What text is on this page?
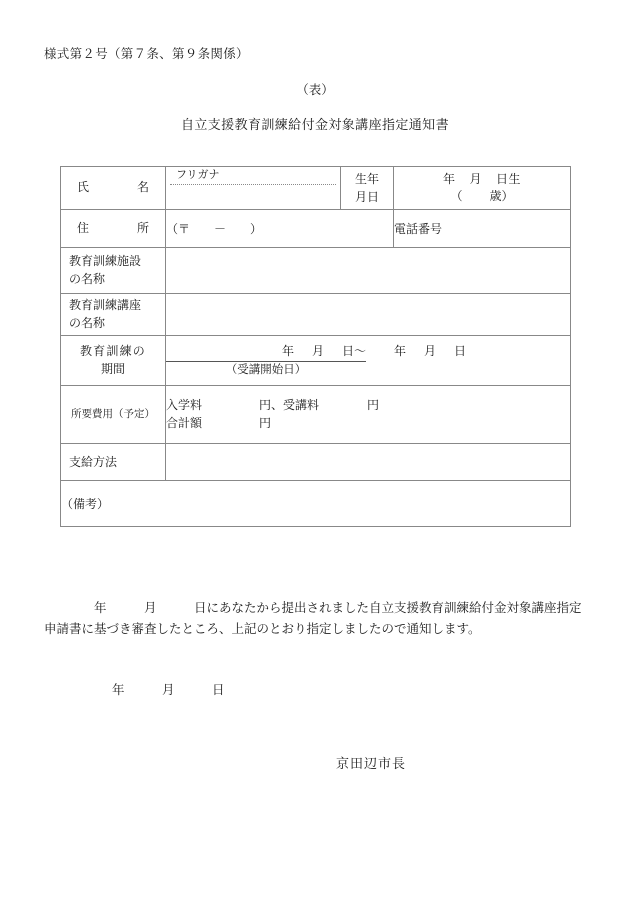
様式第２号（第７条、第９条関係）
（表）
自立支援教育訓練給付金対象講座指定通知書
氏名	フリガナ	生年
月日	年    月    日生
（         歳）

住所	（〒        －        ）		電話番号

教育訓練施設
の名称			

教育訓練講座
の名称			

教育訓練の
期間	年      月      日～ 年      月      日
（受講開始日）		

所要費用（予定）	入学料                   円、受講料                円
合計額                   円		

支給方法			

（備考）			
　　　　年　　　月　　　日にあなたから提出されました自立支援教育訓練給付金対象講座指定
申請書に基づき審査したところ、上記のとおり指定しましたので通知します。
年　　　月　　　日
京田辺市長
